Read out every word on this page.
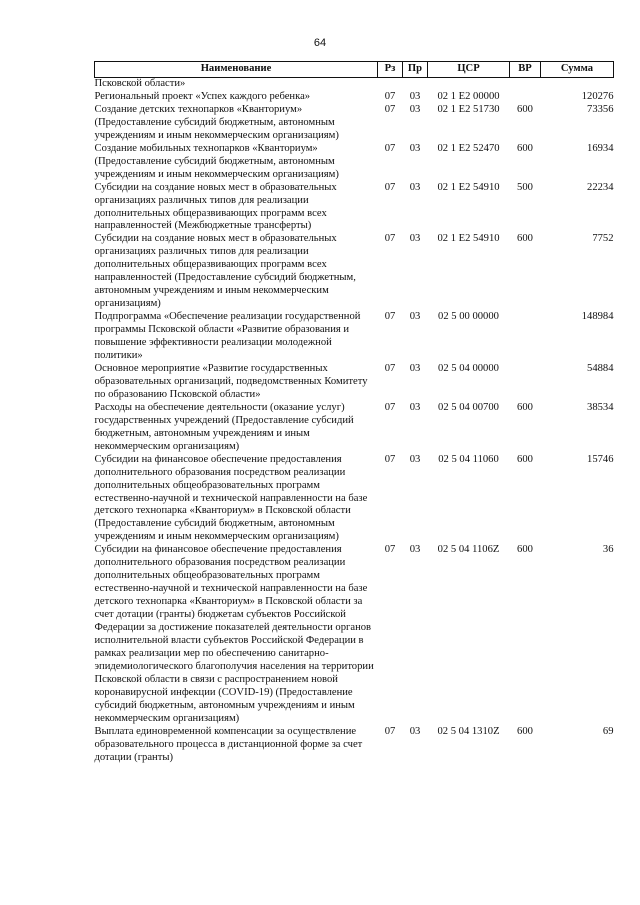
64
Наименование	Рз	Пр	ЦСР	ВР	Сумма
Псковской области»					
Региональный проект «Успех каждого ребенка»	07	03	02 1 E2 00000		120276
Создание детских технопарков «Кванториум» (Предоставление субсидий бюджетным, автономным учреждениям и иным некоммерческим организациям)	07	03	02 1 E2 51730	600	73356
Создание мобильных технопарков «Кванториум» (Предоставление субсидий бюджетным, автономным учреждениям и иным некоммерческим организациям)	07	03	02 1 E2 52470	600	16934
Субсидии на создание новых мест в образовательных организациях различных типов для реализации дополнительных общеразвивающих программ всех направленностей (Межбюджетные трансферты)	07	03	02 1 E2 54910	500	22234
Субсидии на создание новых мест в образовательных организациях различных типов для реализации дополнительных общеразвивающих программ всех направленностей (Предоставление субсидий бюджетным, автономным учреждениям и иным некоммерческим организациям)	07	03	02 1 E2 54910	600	7752
Подпрограмма «Обеспечение реализации государственной программы Псковской области «Развитие образования и повышение эффективности реализации молодежной политики»	07	03	02 5 00 00000		148984
Основное мероприятие «Развитие государственных образовательных организаций, подведомственных Комитету по образованию Псковской области»	07	03	02 5 04 00000		54884
Расходы на обеспечение деятельности (оказание услуг) государственных учреждений (Предоставление субсидий бюджетным, автономным учреждениям и иным некоммерческим организациям)	07	03	02 5 04 00700	600	38534
Субсидии на финансовое обеспечение предоставления дополнительного образования посредством реализации дополнительных общеобразовательных программ естественно-научной и технической направленности на базе детского технопарка «Кванториум» в Псковской области (Предоставление субсидий бюджетным, автономным учреждениям и иным некоммерческим организациям)	07	03	02 5 04 11060	600	15746
Субсидии на финансовое обеспечение предоставления дополнительного образования посредством реализации дополнительных общеобразовательных программ естественно-научной и технической направленности на базе детского технопарка «Кванториум» в Псковской области за счет дотации (гранты) бюджетам субъектов Российской Федерации за достижение показателей деятельности органов исполнительной власти субъектов Российской Федерации в рамках реализации мер по обеспечению санитарно-эпидемиологического благополучия населения на территории Псковской области в связи с распространением новой коронавирусной инфекции (COVID-19) (Предоставление субсидий бюджетным, автономным учреждениям и иным некоммерческим организациям)	07	03	02 5 04 1106Z	600	36
Выплата единовременной компенсации за осуществление образовательного процесса в дистанционной форме за счет дотации (гранты)	07	03	02 5 04 1310Z	600	69
